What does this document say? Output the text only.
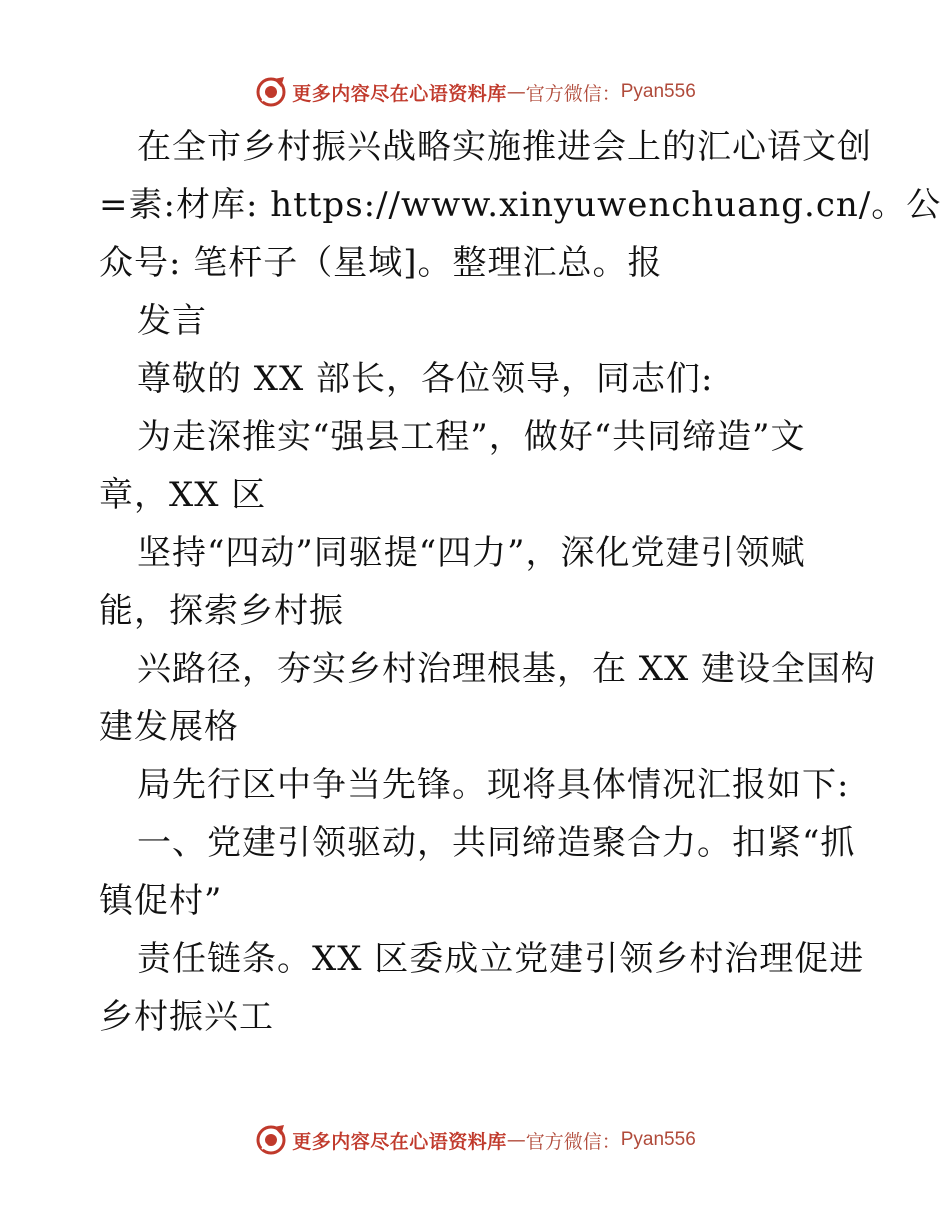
更多内容尽在心语资料库 — 官方微信： Pyan556
在全市乡村振兴战略实施推进会上的汇心语文创
=素:材库: https://www.xinyuwenchuang.cn/。公
众号: 笔杆子（星域]。整理汇总。报
发言
尊敬的 XX 部长，各位领导，同志们:
为走深推实“强县工程”，做好“共同缔造”文
章，XX 区
坚持“四动”同驱提“四力”，深化党建引领赋
能，探索乡村振
兴路径，夯实乡村治理根基，在 XX 建设全国构
建发展格
局先行区中争当先锋。现将具体情况汇报如下:
一、党建引领驱动，共同缔造聚合力。扣紧“抓
镇促村”
责任链条。XX 区委成立党建引领乡村治理促进
乡村振兴工
更多内容尽在心语资料库 — 官方微信： Pyan556
